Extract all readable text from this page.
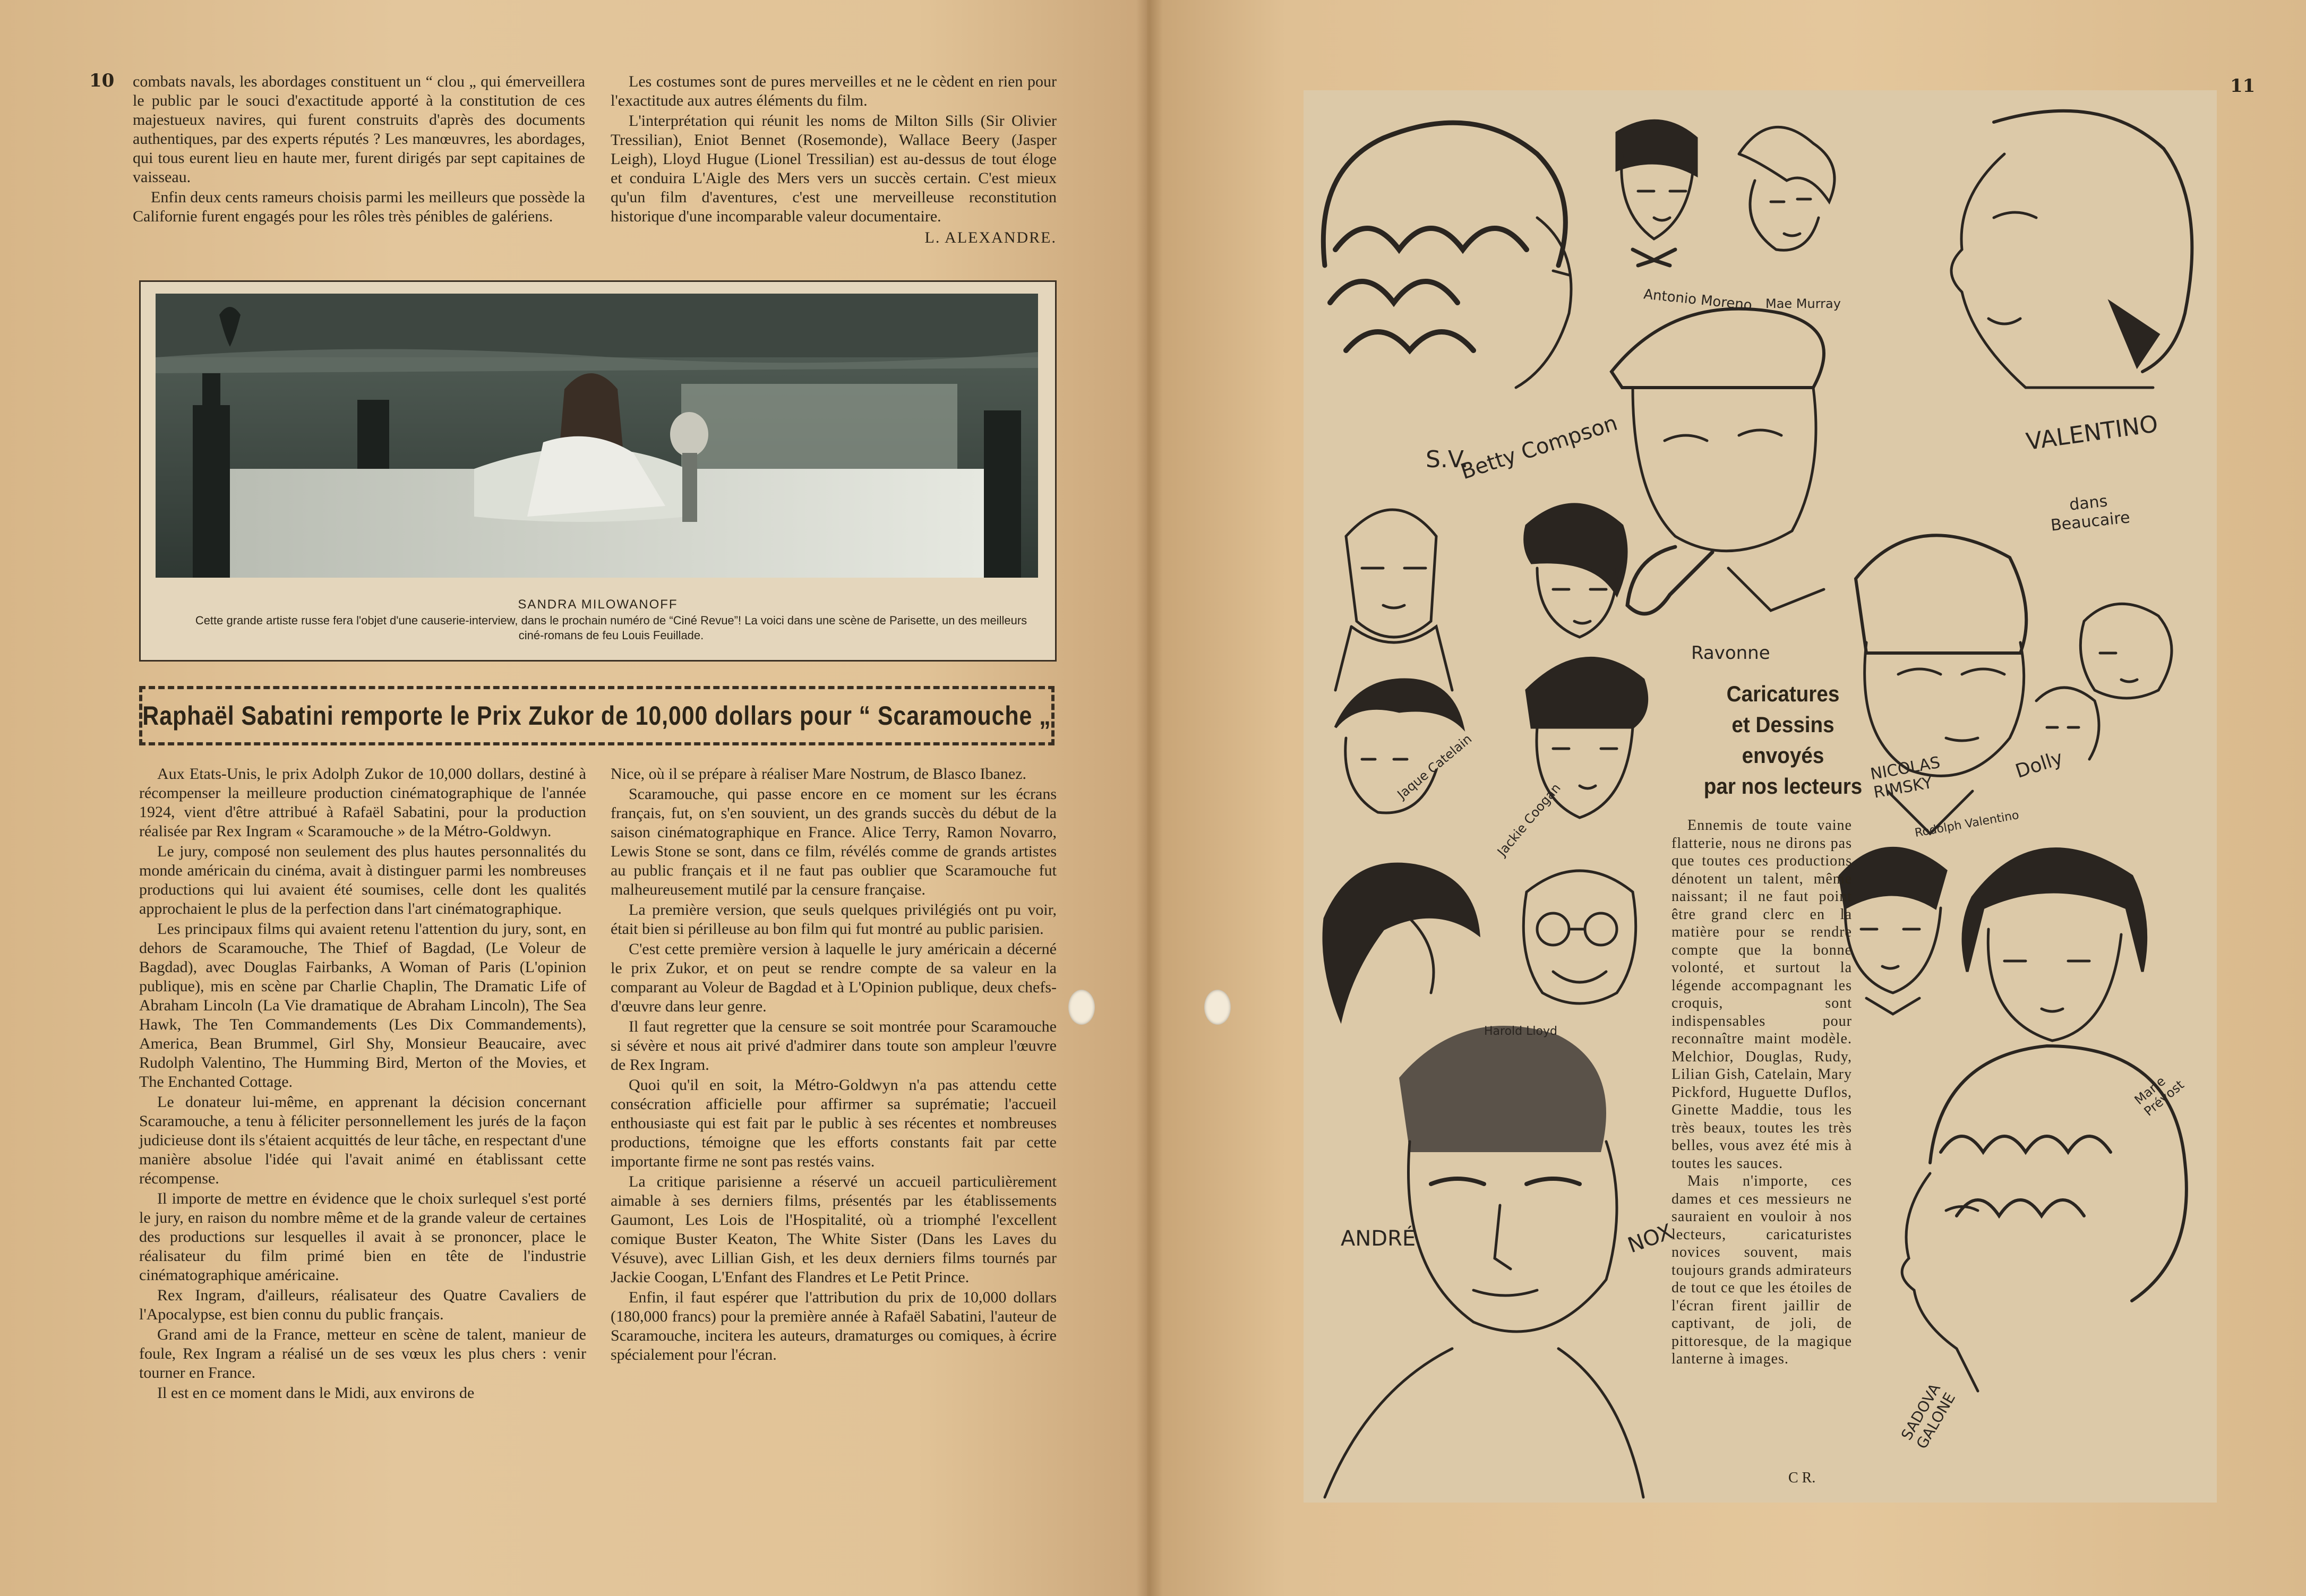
10	11

combats navals, les abordages constituent un “ clou „ qui émerveillera le public par le souci d'exactitude apporté à la constitution de ces majestueux navires, qui furent construits d'après des documents authentiques, par des experts réputés ? Les manœuvres, les abordages, qui tous eurent lieu en haute mer, furent dirigés par sept capitaines de vaisseau.

Enfin deux cents rameurs choisis parmi les meilleurs que possède la Californie furent engagés pour les rôles très pénibles de galériens.

Les costumes sont de pures merveilles et ne le cèdent en rien pour l'exactitude aux autres éléments du film.

L'interprétation qui réunit les noms de Milton Sills (Sir Olivier Tressilian), Eniot Bennet (Rosemonde), Wallace Beery (Jasper Leigh), Lloyd Hugue (Lionel Tressilian) est au-dessus de tout éloge et conduira L'Aigle des Mers vers un succès certain. C'est mieux qu'un film d'aventures, c'est une merveilleuse reconstitution historique d'une incomparable valeur documentaire.

L. ALEXANDRE.
SANDRA MILOWANOFF
Cette grande artiste russe fera l'objet d'une causerie-interview, dans le prochain numéro de “Ciné Revue”! La voici dans une scène de Parisette, un des meilleurs ciné-romans de feu Louis Feuillade.
Raphaël Sabatini remporte le Prix Zukor de 10,000 dollars pour “ Scaramouche „

Aux Etats-Unis, le prix Adolph Zukor de 10,000 dollars, destiné à récompenser la meilleure production cinématographique de l'année 1924, vient d'être attribué à Rafaël Sabatini, pour la production réalisée par Rex Ingram « Scaramouche » de la Métro-Goldwyn.

Le jury, composé non seulement des plus hautes personnalités du monde américain du cinéma, avait à distinguer parmi les nombreuses productions qui lui avaient été soumises, celle dont les qualités approchaient le plus de la perfection dans l'art cinématographique.

Les principaux films qui avaient retenu l'attention du jury, sont, en dehors de Scaramouche, The Thief of Bagdad, (Le Voleur de Bagdad), avec Douglas Fairbanks, A Woman of Paris (L'opinion publique), mis en scène par Charlie Chaplin, The Dramatic Life of Abraham Lincoln (La Vie dramatique de Abraham Lincoln), The Sea Hawk, The Ten Commandements (Les Dix Commandements), America, Bean Brummel, Girl Shy, Monsieur Beaucaire, avec Rudolph Valentino, The Humming Bird, Merton of the Movies, et The Enchanted Cottage.

Le donateur lui-même, en apprenant la décision concernant Scaramouche, a tenu à féliciter personnellement les jurés de la façon judicieuse dont ils s'étaient acquittés de leur tâche, en respectant d'une manière absolue l'idée qui l'avait animé en établissant cette récompense.

Il importe de mettre en évidence que le choix surlequel s'est porté le jury, en raison du nombre même et de la grande valeur de certaines des productions sur lesquelles il avait à se prononcer, place le réalisateur du film primé bien en tête de l'industrie cinématographique américaine.

Rex Ingram, d'ailleurs, réalisateur des Quatre Cavaliers de l'Apocalypse, est bien connu du public français.

Grand ami de la France, metteur en scène de talent, manieur de foule, Rex Ingram a réalisé un de ses vœux les plus chers : venir tourner en France.

Il est en ce moment dans le Midi, aux environs de

Nice, où il se prépare à réaliser Mare Nostrum, de Blasco Ibanez.

Scaramouche, qui passe encore en ce moment sur les écrans français, fut, on s'en souvient, un des grands succès du début de la saison cinématographique en France. Alice Terry, Ramon Novarro, Lewis Stone se sont, dans ce film, révélés comme de grands artistes au public français et il ne faut pas oublier que Scaramouche fut malheureusement mutilé par la censure française.

La première version, que seuls quelques privilégiés ont pu voir, était bien si périlleuse au bon film qui fut montré au public parisien.

C'est cette première version à laquelle le jury américain a décerné le prix Zukor, et on peut se rendre compte de sa valeur en la comparant au Voleur de Bagdad et à L'Opinion publique, deux chefs-d'œuvre dans leur genre.

Il faut regretter que la censure se soit montrée pour Scaramouche si sévère et nous ait privé d'admirer dans toute son ampleur l'œuvre de Rex Ingram.

Quoi qu'il en soit, la Métro-Goldwyn n'a pas attendu cette consécration afficielle pour affirmer sa suprématie; l'accueil enthousiaste qui est fait par le public à ses récentes et nombreuses productions, témoigne que les efforts constants fait par cette importante firme ne sont pas restés vains.

La critique parisienne a réservé un accueil particulièrement aimable à ses derniers films, présentés par les établissements Gaumont, Les Lois de l'Hospitalité, où a triomphé l'excellent comique Buster Keaton, The White Sister (Dans les Laves du Vésuve), avec Lillian Gish, et les deux derniers films tournés par Jackie Coogan, L'Enfant des Flandres et Le Petit Prince.

Enfin, il faut espérer que l'attribution du prix de 10,000 dollars (180,000 francs) pour la première année à Rafaël Sabatini, l'auteur de Scaramouche, incitera les auteurs, dramaturges ou comiques, à écrire spécialement pour l'écran.

Antonio Moreno Mae Murray
S.V.
Betty Compson	VALENTINO
dans Beaucaire
Ravonne
NICOLAS RIMSKY
Dolly
Rodolph Valentino
Jaque Catelain
Jackie Coogan
Harold Lloyd
ANDRÉ	NOX
Marie Prévost
SADOVA GALONE
Caricatures
et Dessins
envoyés
par nos lecteurs

Ennemis de toute vaine flatterie, nous ne dirons pas que toutes ces productions dénotent un talent, même naissant; il ne faut point être grand clerc en la matière pour se rendre compte que la bonne volonté, et surtout la légende accompagnant les croquis, sont indispensables pour reconnaître maint modèle. Melchior, Douglas, Rudy, Lilian Gish, Catelain, Mary Pickford, Huguette Duflos, Ginette Maddie, tous les très beaux, toutes les très belles, vous avez été mis à toutes les sauces.

Mais n'importe, ces dames et ces messieurs ne sauraient en vouloir à nos lecteurs, caricaturistes novices souvent, mais toujours grands admirateurs de tout ce que les étoiles de l'écran firent jaillir de captivant, de joli, de pittoresque, de la magique lanterne à images.

C R.
